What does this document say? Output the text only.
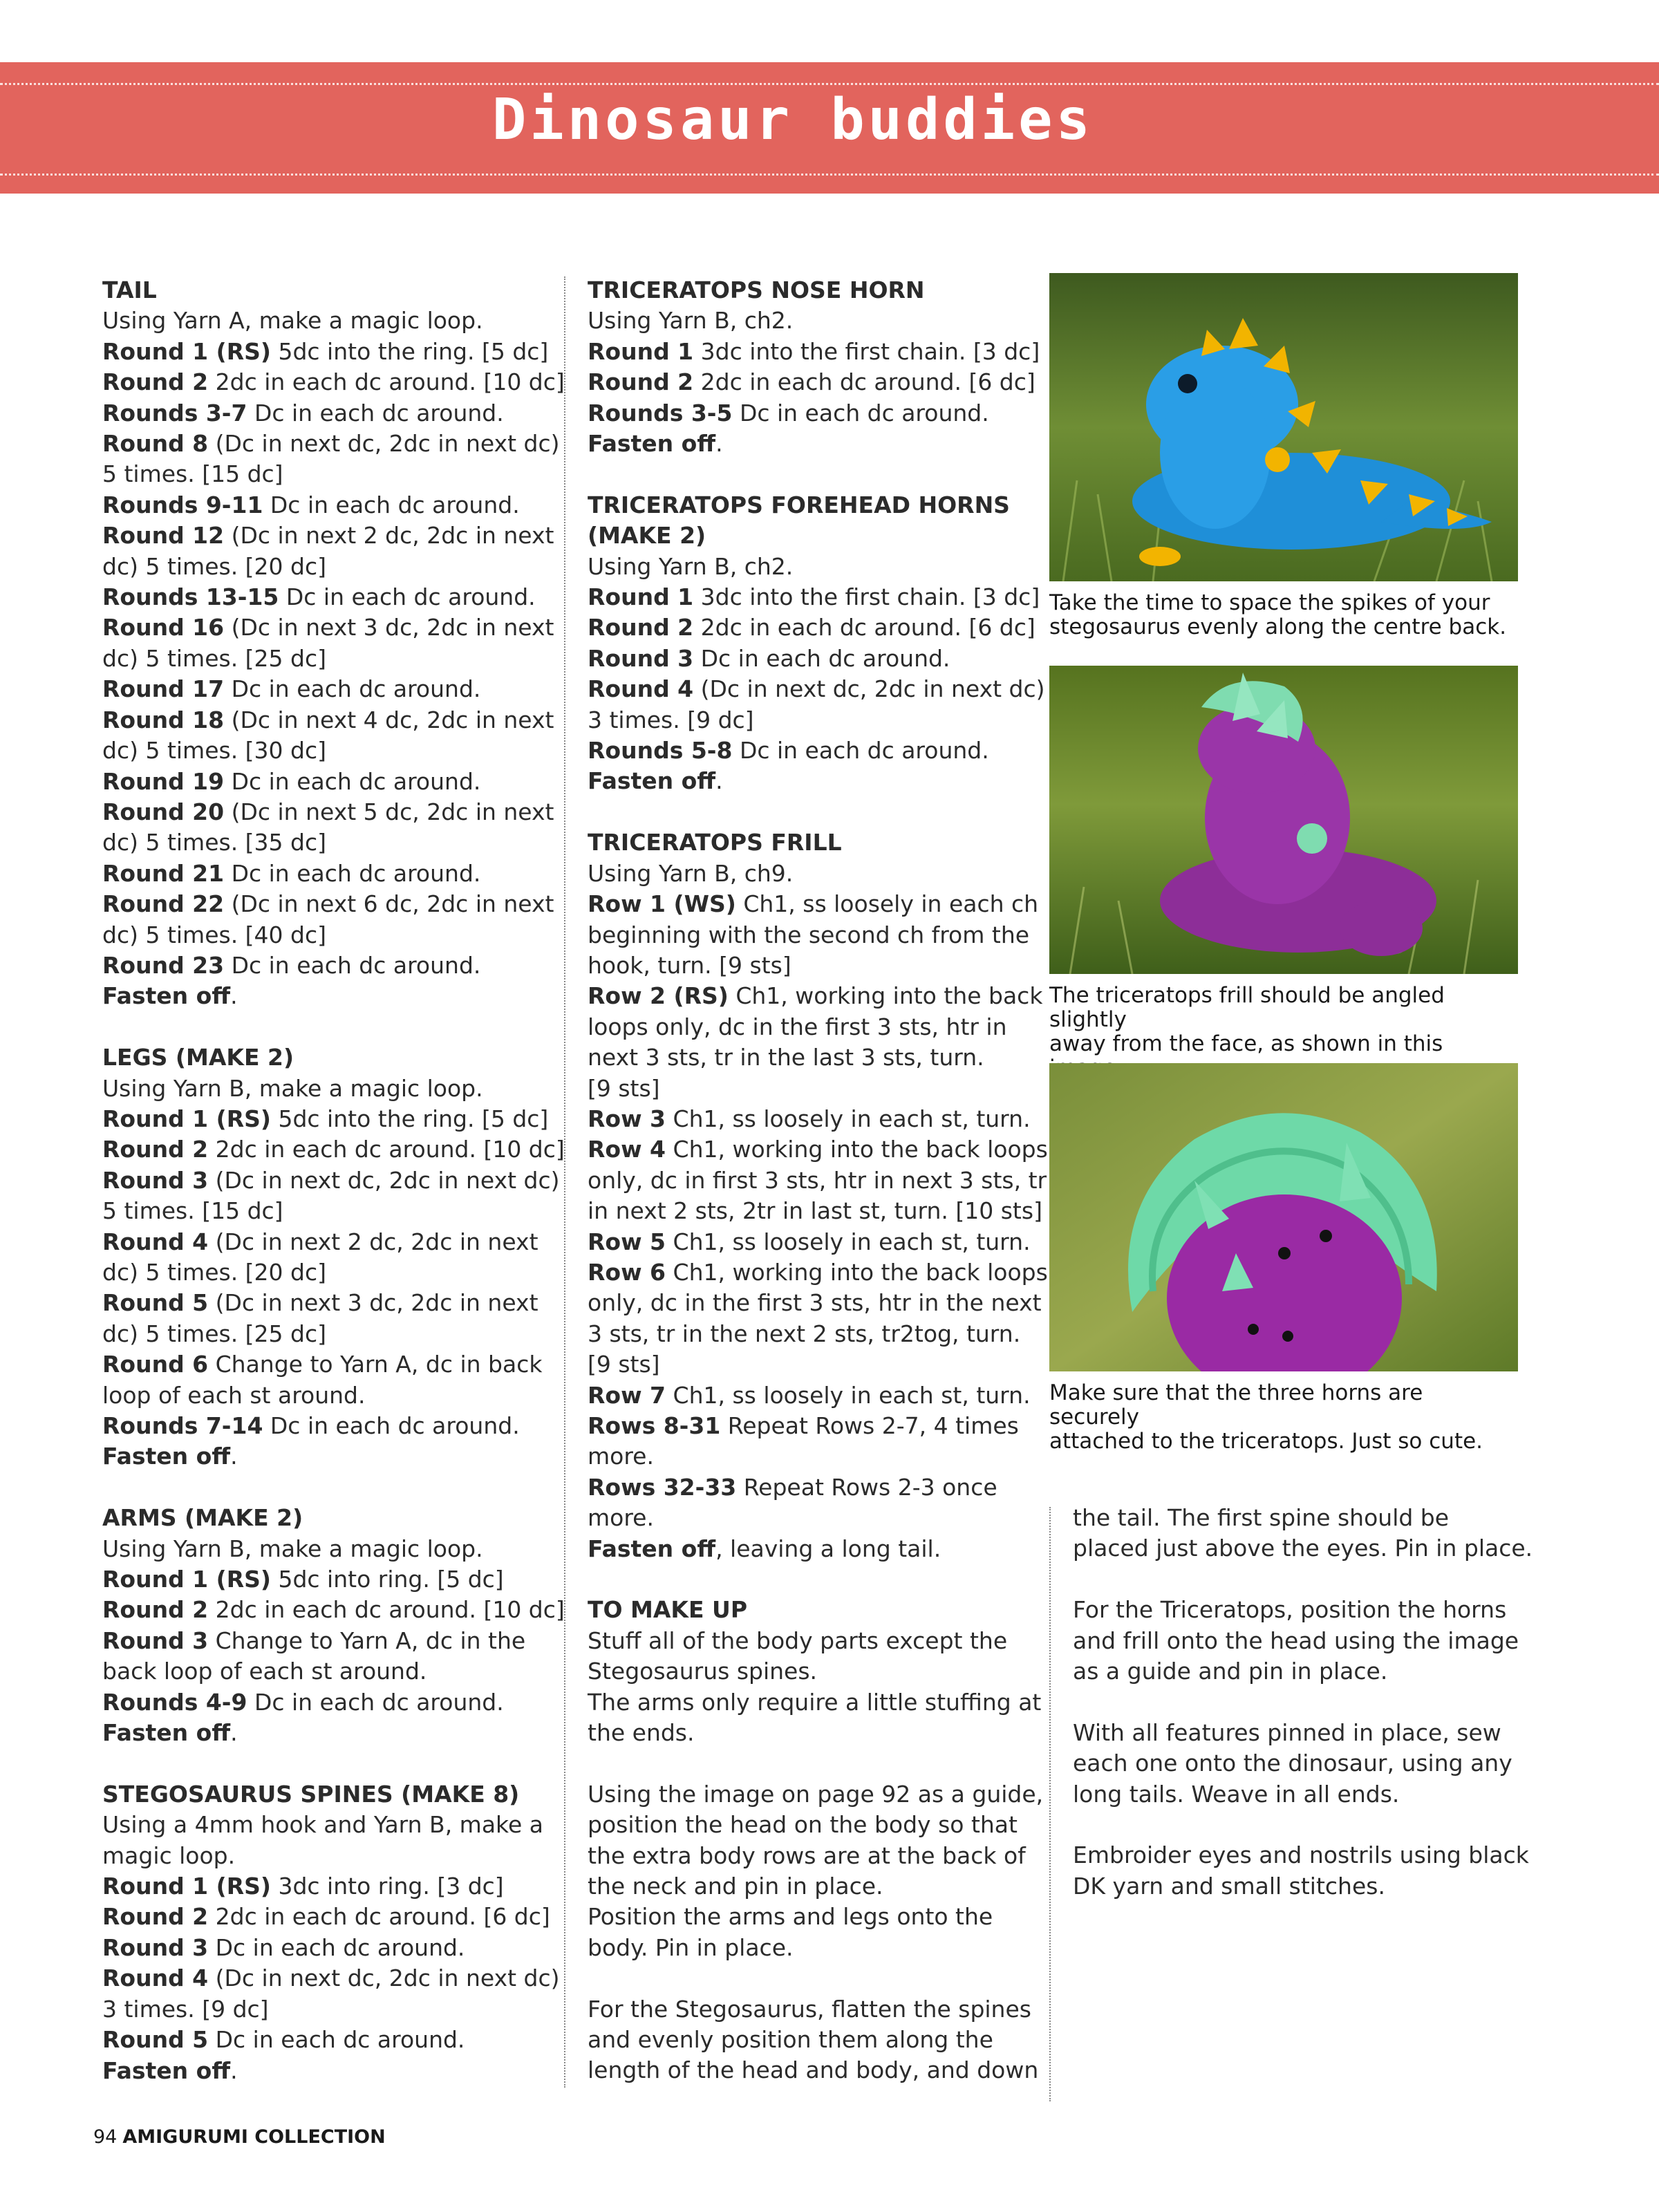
Dinosaur buddies
TAIL
Using Yarn A, make a magic loop.
Round 1 (RS) 5dc into the ring. [5 dc]
Round 2 2dc in each dc around. [10 dc]
Rounds 3-7 Dc in each dc around.
Round 8 (Dc in next dc, 2dc in next dc)
5 times. [15 dc]
Rounds 9-11 Dc in each dc around.
Round 12 (Dc in next 2 dc, 2dc in next
dc) 5 times. [20 dc]
Rounds 13-15 Dc in each dc around.
Round 16 (Dc in next 3 dc, 2dc in next
dc) 5 times. [25 dc]
Round 17 Dc in each dc around.
Round 18 (Dc in next 4 dc, 2dc in next
dc) 5 times. [30 dc]
Round 19 Dc in each dc around.
Round 20 (Dc in next 5 dc, 2dc in next
dc) 5 times. [35 dc]
Round 21 Dc in each dc around.
Round 22 (Dc in next 6 dc, 2dc in next
dc) 5 times. [40 dc]
Round 23 Dc in each dc around.
Fasten off.
LEGS (MAKE 2)
Using Yarn B, make a magic loop.
Round 1 (RS) 5dc into the ring. [5 dc]
Round 2 2dc in each dc around. [10 dc]
Round 3 (Dc in next dc, 2dc in next dc)
5 times. [15 dc]
Round 4 (Dc in next 2 dc, 2dc in next
dc) 5 times. [20 dc]
Round 5 (Dc in next 3 dc, 2dc in next
dc) 5 times. [25 dc]
Round 6 Change to Yarn A, dc in back
loop of each st around.
Rounds 7-14 Dc in each dc around.
Fasten off.
ARMS (MAKE 2)
Using Yarn B, make a magic loop.
Round 1 (RS) 5dc into ring. [5 dc]
Round 2 2dc in each dc around. [10 dc]
Round 3 Change to Yarn A, dc in the
back loop of each st around.
Rounds 4-9 Dc in each dc around.
Fasten off.
STEGOSAURUS SPINES (MAKE 8)
Using a 4mm hook and Yarn B, make a
magic loop.
Round 1 (RS) 3dc into ring. [3 dc]
Round 2 2dc in each dc around. [6 dc]
Round 3 Dc in each dc around.
Round 4 (Dc in next dc, 2dc in next dc)
3 times. [9 dc]
Round 5 Dc in each dc around.
Fasten off.
TRICERATOPS NOSE HORN
Using Yarn B, ch2.
Round 1 3dc into the first chain. [3 dc]
Round 2 2dc in each dc around. [6 dc]
Rounds 3-5 Dc in each dc around.
Fasten off.
TRICERATOPS FOREHEAD HORNS
(MAKE 2)
Using Yarn B, ch2.
Round 1 3dc into the first chain. [3 dc]
Round 2 2dc in each dc around. [6 dc]
Round 3 Dc in each dc around.
Round 4 (Dc in next dc, 2dc in next dc)
3 times. [9 dc]
Rounds 5-8 Dc in each dc around.
Fasten off.
TRICERATOPS FRILL
Using Yarn B, ch9.
Row 1 (WS) Ch1, ss loosely in each ch
beginning with the second ch from the
hook, turn. [9 sts]
Row 2 (RS) Ch1, working into the back
loops only, dc in the first 3 sts, htr in
next 3 sts, tr in the last 3 sts, turn.
[9 sts]
Row 3 Ch1, ss loosely in each st, turn.
Row 4 Ch1, working into the back loops
only, dc in first 3 sts, htr in next 3 sts, tr
in next 2 sts, 2tr in last st, turn. [10 sts]
Row 5 Ch1, ss loosely in each st, turn.
Row 6 Ch1, working into the back loops
only, dc in the first 3 sts, htr in the next
3 sts, tr in the next 2 sts, tr2tog, turn.
[9 sts]
Row 7 Ch1, ss loosely in each st, turn.
Rows 8-31 Repeat Rows 2-7, 4 times
more.
Rows 32-33 Repeat Rows 2-3 once
more.
Fasten off, leaving a long tail.
TO MAKE UP
Stuff all of the body parts except the
Stegosaurus spines.
The arms only require a little stuffing at
the ends.
Using the image on page 92 as a guide,
position the head on the body so that
the extra body rows are at the back of
the neck and pin in place.
Position the arms and legs onto the
body. Pin in place.
For the Stegosaurus, flatten the spines
and evenly position them along the
length of the head and body, and down
the tail. The first spine should be
placed just above the eyes. Pin in place.
For the Triceratops, position the horns
and frill onto the head using the image
as a guide and pin in place.
With all features pinned in place, sew
each one onto the dinosaur, using any
long tails. Weave in all ends.
Embroider eyes and nostrils using black
DK yarn and small stitches.
Take the time to space the spikes of your
stegosaurus evenly along the centre back.
The triceratops frill should be angled slightly
away from the face, as shown in this
Make sure that the three horns are securely
attached to the triceratops. Just so cute.
94 AMIGURUMI COLLECTION
